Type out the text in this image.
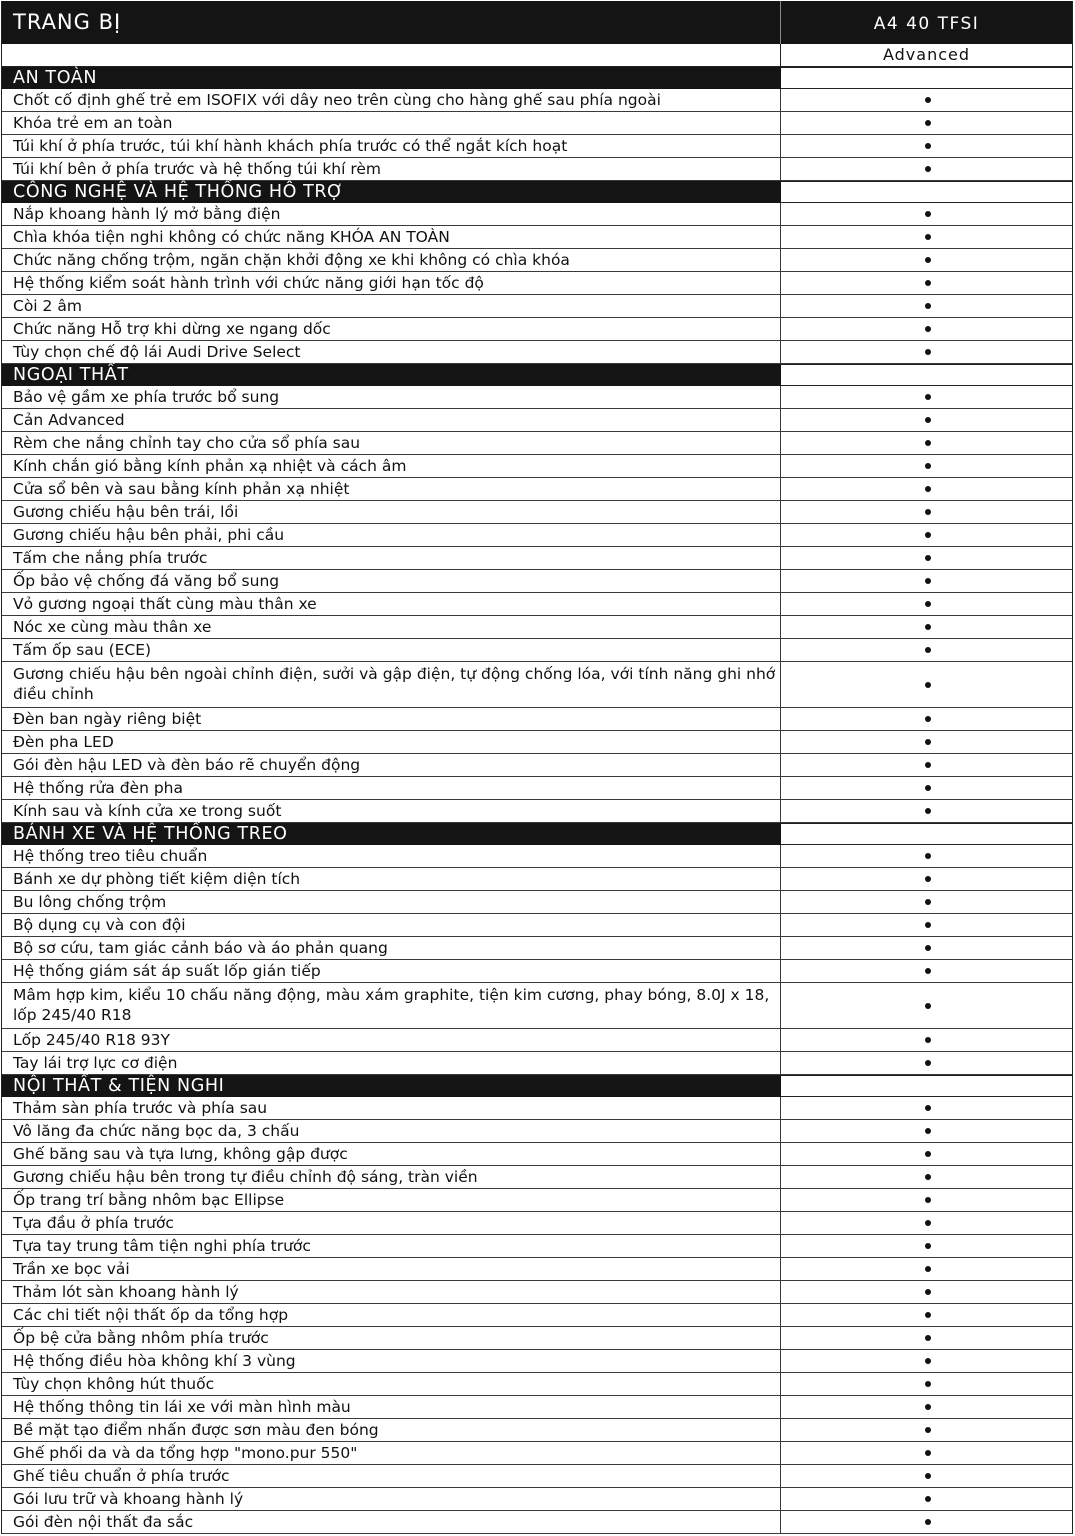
TRANG BỊ	A4 40 TFSI
Advanced
AN TOÀN
Chốt cố định ghế trẻ em ISOFIX với dây neo trên cùng cho hàng ghế sau phía ngoài
Khóa trẻ em an toàn
Túi khí ở phía trước, túi khí hành khách phía trước có thể ngắt kích hoạt
Túi khí bên ở phía trước và hệ thống túi khí rèm
CÔNG NGHỆ VÀ HỆ THỐNG HỖ TRỢ
Nắp khoang hành lý mở bằng điện
Chìa khóa tiện nghi không có chức năng KHÓA AN TOÀN
Chức năng chống trộm, ngăn chặn khởi động xe khi không có chìa khóa
Hệ thống kiểm soát hành trình với chức năng giới hạn tốc độ
Còi 2 âm
Chức năng Hỗ trợ khi dừng xe ngang dốc
Tùy chọn chế độ lái Audi Drive Select
NGOẠI THẤT
Bảo vệ gầm xe phía trước bổ sung
Cản Advanced
Rèm che nắng chỉnh tay cho cửa sổ phía sau
Kính chắn gió bằng kính phản xạ nhiệt và cách âm
Cửa sổ bên và sau bằng kính phản xạ nhiệt
Gương chiếu hậu bên trái, lồi
Gương chiếu hậu bên phải, phi cầu
Tấm che nắng phía trước
Ốp bảo vệ chống đá văng bổ sung
Vỏ gương ngoại thất cùng màu thân xe
Nóc xe cùng màu thân xe
Tấm ốp sau (ECE)
Gương chiếu hậu bên ngoài chỉnh điện, sưởi và gập điện, tự động chống lóa, với tính năng ghi nhớ điều chỉnh
Đèn ban ngày riêng biệt
Đèn pha LED
Gói đèn hậu LED và đèn báo rẽ chuyển động
Hệ thống rửa đèn pha
Kính sau và kính cửa xe trong suốt
BÁNH XE VÀ HỆ THỐNG TREO
Hệ thống treo tiêu chuẩn
Bánh xe dự phòng tiết kiệm diện tích
Bu lông chống trộm
Bộ dụng cụ và con đội
Bộ sơ cứu, tam giác cảnh báo và áo phản quang
Hệ thống giám sát áp suất lốp gián tiếp
Mâm hợp kim, kiểu 10 chấu năng động, màu xám graphite, tiện kim cương, phay bóng, 8.0J x 18, lốp 245/40 R18
Lốp 245/40 R18 93Y
Tay lái trợ lực cơ điện
NỘI THẤT & TIỆN NGHI
Thảm sàn phía trước và phía sau
Vô lăng đa chức năng bọc da, 3 chấu
Ghế băng sau và tựa lưng, không gập được
Gương chiếu hậu bên trong tự điều chỉnh độ sáng, tràn viền
Ốp trang trí bằng nhôm bạc Ellipse
Tựa đầu ở phía trước
Tựa tay trung tâm tiện nghi phía trước
Trần xe bọc vải
Thảm lót sàn khoang hành lý
Các chi tiết nội thất ốp da tổng hợp
Ốp bệ cửa bằng nhôm phía trước
Hệ thống điều hòa không khí 3 vùng
Tùy chọn không hút thuốc
Hệ thống thông tin lái xe với màn hình màu
Bề mặt tạo điểm nhấn được sơn màu đen bóng
Ghế phối da và da tổng hợp "mono.pur 550"
Ghế tiêu chuẩn ở phía trước
Gói lưu trữ và khoang hành lý
Gói đèn nội thất đa sắc
